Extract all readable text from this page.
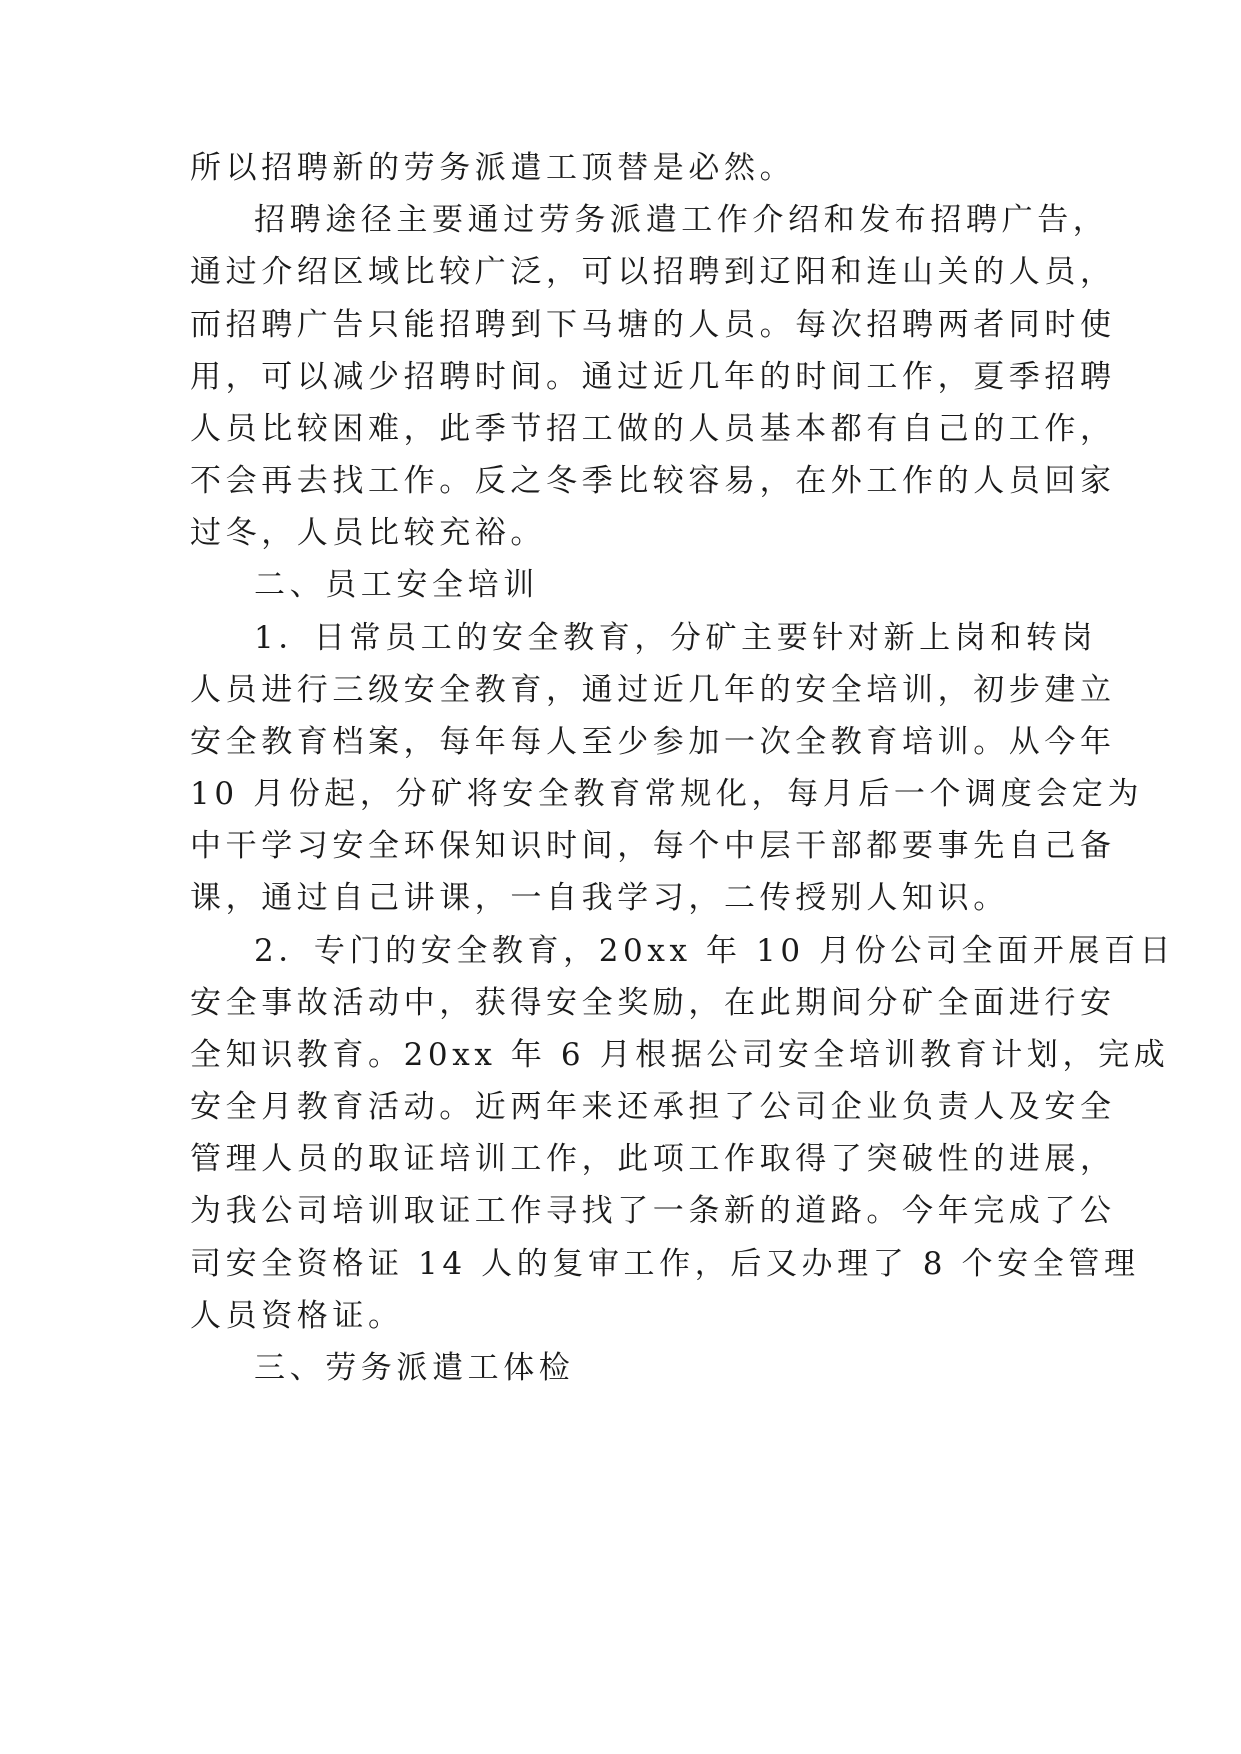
所以招聘新的劳务派遣工顶替是必然。
招聘途径主要通过劳务派遣工作介绍和发布招聘广告，
通过介绍区域比较广泛，可以招聘到辽阳和连山关的人员，
而招聘广告只能招聘到下马塘的人员。每次招聘两者同时使
用，可以减少招聘时间。通过近几年的时间工作，夏季招聘
人员比较困难，此季节招工做的人员基本都有自己的工作，
不会再去找工作。反之冬季比较容易，在外工作的人员回家
过冬，人员比较充裕。
二、员工安全培训
1．日常员工的安全教育，分矿主要针对新上岗和转岗
人员进行三级安全教育，通过近几年的安全培训，初步建立
安全教育档案，每年每人至少参加一次全教育培训。从今年
10 月份起，分矿将安全教育常规化，每月后一个调度会定为
中干学习安全环保知识时间，每个中层干部都要事先自己备
课，通过自己讲课，一自我学习，二传授别人知识。
2．专门的安全教育，20xx 年 10 月份公司全面开展百日
安全事故活动中，获得安全奖励，在此期间分矿全面进行安
全知识教育。20xx 年 6 月根据公司安全培训教育计划，完成
安全月教育活动。近两年来还承担了公司企业负责人及安全
管理人员的取证培训工作，此项工作取得了突破性的进展，
为我公司培训取证工作寻找了一条新的道路。今年完成了公
司安全资格证 14 人的复审工作，后又办理了 8 个安全管理
人员资格证。
三、劳务派遣工体检
